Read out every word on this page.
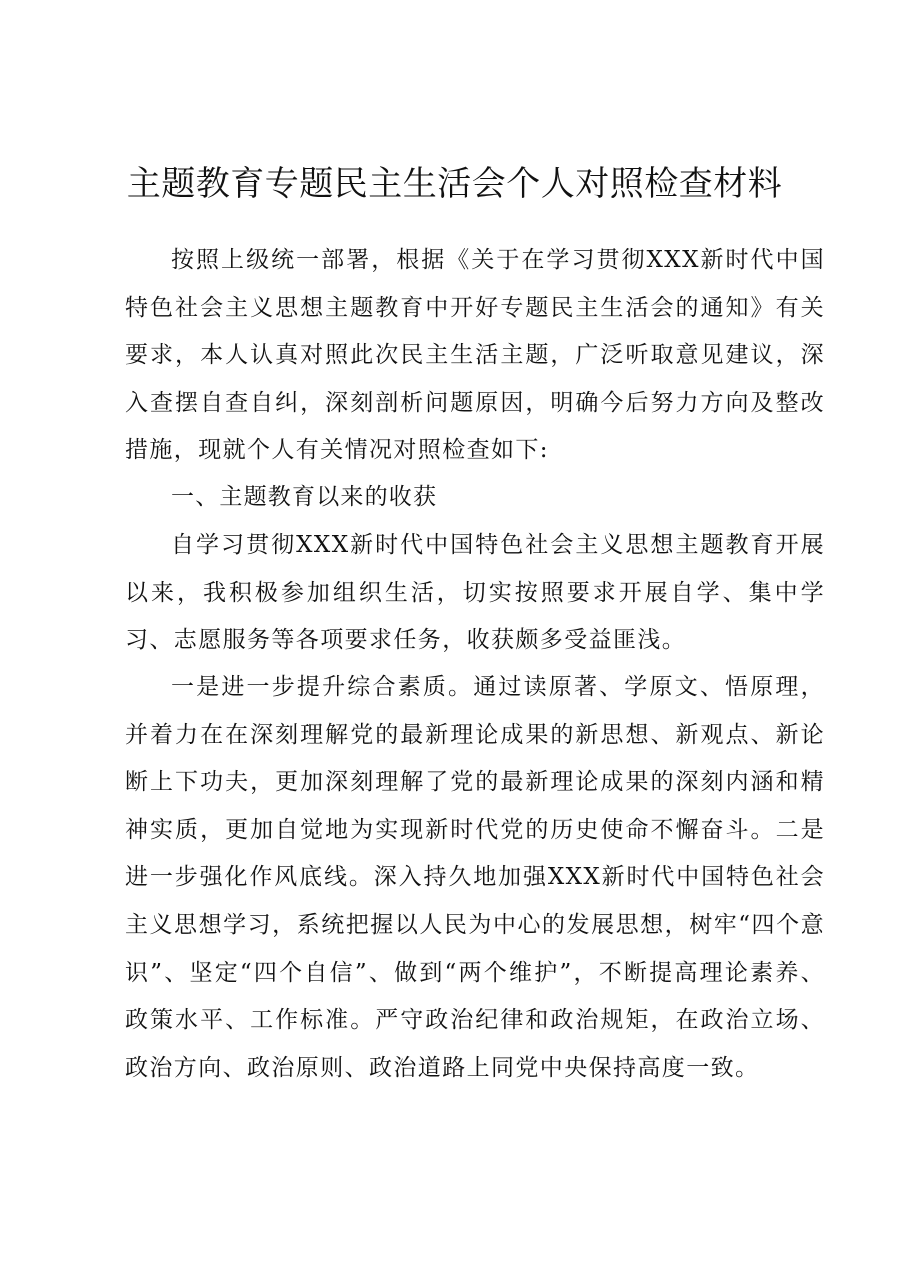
主题教育专题民主生活会个人对照检查材料

按照上级统一部署，根据《关于在学习贯彻XXX新时代中国特色社会主义思想主题教育中开好专题民主生活会的通知》有关要求，本人认真对照此次民主生活主题，广泛听取意见建议，深入查摆自查自纠，深刻剖析问题原因，明确今后努力方向及整改措施，现就个人有关情况对照检查如下:

一、主题教育以来的收获

自学习贯彻XXX新时代中国特色社会主义思想主题教育开展以来，我积极参加组织生活，切实按照要求开展自学、集中学习、志愿服务等各项要求任务，收获颇多受益匪浅。

一是进一步提升综合素质。通过读原著、学原文、悟原理，并着力在在深刻理解党的最新理论成果的新思想、新观点、新论断上下功夫，更加深刻理解了党的最新理论成果的深刻内涵和精神实质，更加自觉地为实现新时代党的历史使命不懈奋斗。二是进一步强化作风底线。深入持久地加强XXX新时代中国特色社会主义思想学习，系统把握以人民为中心的发展思想，树牢“四个意识”、坚定“四个自信”、做到“两个维护”，不断提高理论素养、政策水平、工作标准。严守政治纪律和政治规矩，在政治立场、政治方向、政治原则、政治道路上同党中央保持高度一致。
